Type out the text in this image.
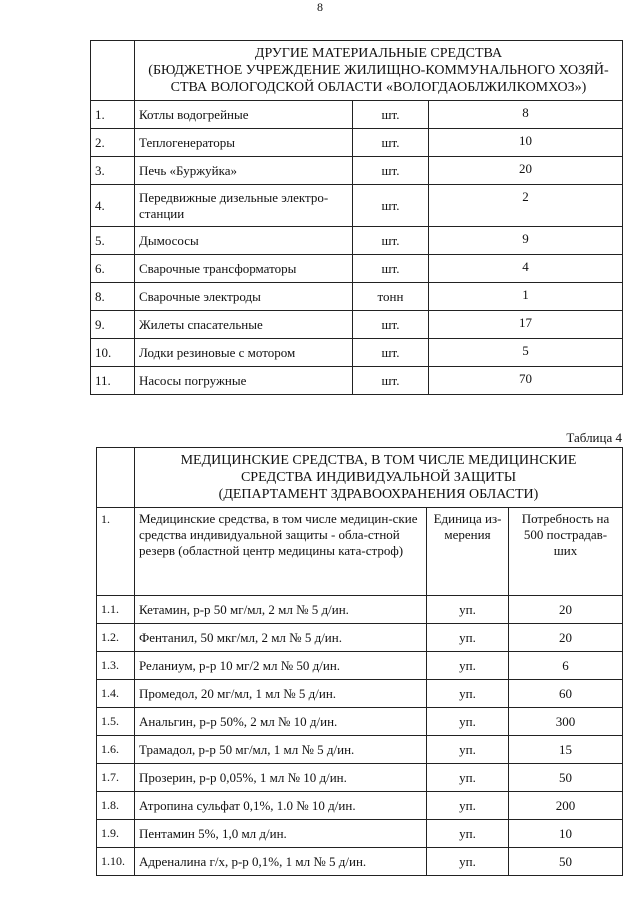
8

	ДРУГИЕ МАТЕРИАЛЬНЫЕ СРЕДСТВА
(БЮДЖЕТНОЕ УЧРЕЖДЕНИЕ ЖИЛИЩНО-КОММУНАЛЬНОГО ХОЗЯЙ-
СТВА ВОЛОГОДСКОЙ ОБЛАСТИ «ВОЛОГДАОБЛЖИЛКОМХОЗ»)		

1.	Котлы водогрейные	шт.	8
2.	Теплогенераторы	шт.	10
3.	Печь «Буржуйка»	шт.	20
4.	Передвижные дизельные электро-станции	шт.	2
5.	Дымососы	шт.	9
6.	Сварочные трансформаторы	шт.	4
8.	Сварочные электроды	тонн	1
9.	Жилеты спасательные	шт.	17
10.	Лодки резиновые с мотором	шт.	5
11.	Насосы погружные	шт.	70
Таблица 4

	МЕДИЦИНСКИЕ СРЕДСТВА, В ТОМ ЧИСЛЕ МЕДИЦИНСКИЕ
СРЕДСТВА ИНДИВИДУАЛЬНОЙ ЗАЩИТЫ
(ДЕПАРТАМЕНТ ЗДРАВООХРАНЕНИЯ ОБЛАСТИ)		

1.	Медицинские средства, в том числе медицин-ские средства индивидуальной защиты - обла-стной резерв (областной центр медицины ката-строф)	Единица из-мерения	Потребность на 500 пострадав-ших
1.1.	Кетамин, р-р 50 мг/мл, 2 мл № 5 д/ин.	уп.	20
1.2.	Фентанил, 50 мкг/мл, 2 мл № 5 д/ин.	уп.	20
1.3.	Реланиум, р-р 10 мг/2 мл № 50 д/ин.	уп.	6
1.4.	Промедол, 20 мг/мл, 1 мл № 5 д/ин.	уп.	60
1.5.	Анальгин, р-р 50%, 2 мл № 10 д/ин.	уп.	300
1.6.	Трамадол, р-р 50 мг/мл, 1 мл № 5 д/ин.	уп.	15
1.7.	Прозерин, р-р 0,05%, 1 мл № 10 д/ин.	уп.	50
1.8.	Атропина сульфат 0,1%, 1.0 № 10 д/ин.	уп.	200
1.9.	Пентамин 5%, 1,0 мл д/ин.	уп.	10
1.10.	Адреналина г/х, р-р 0,1%, 1 мл № 5 д/ин.	уп.	50
